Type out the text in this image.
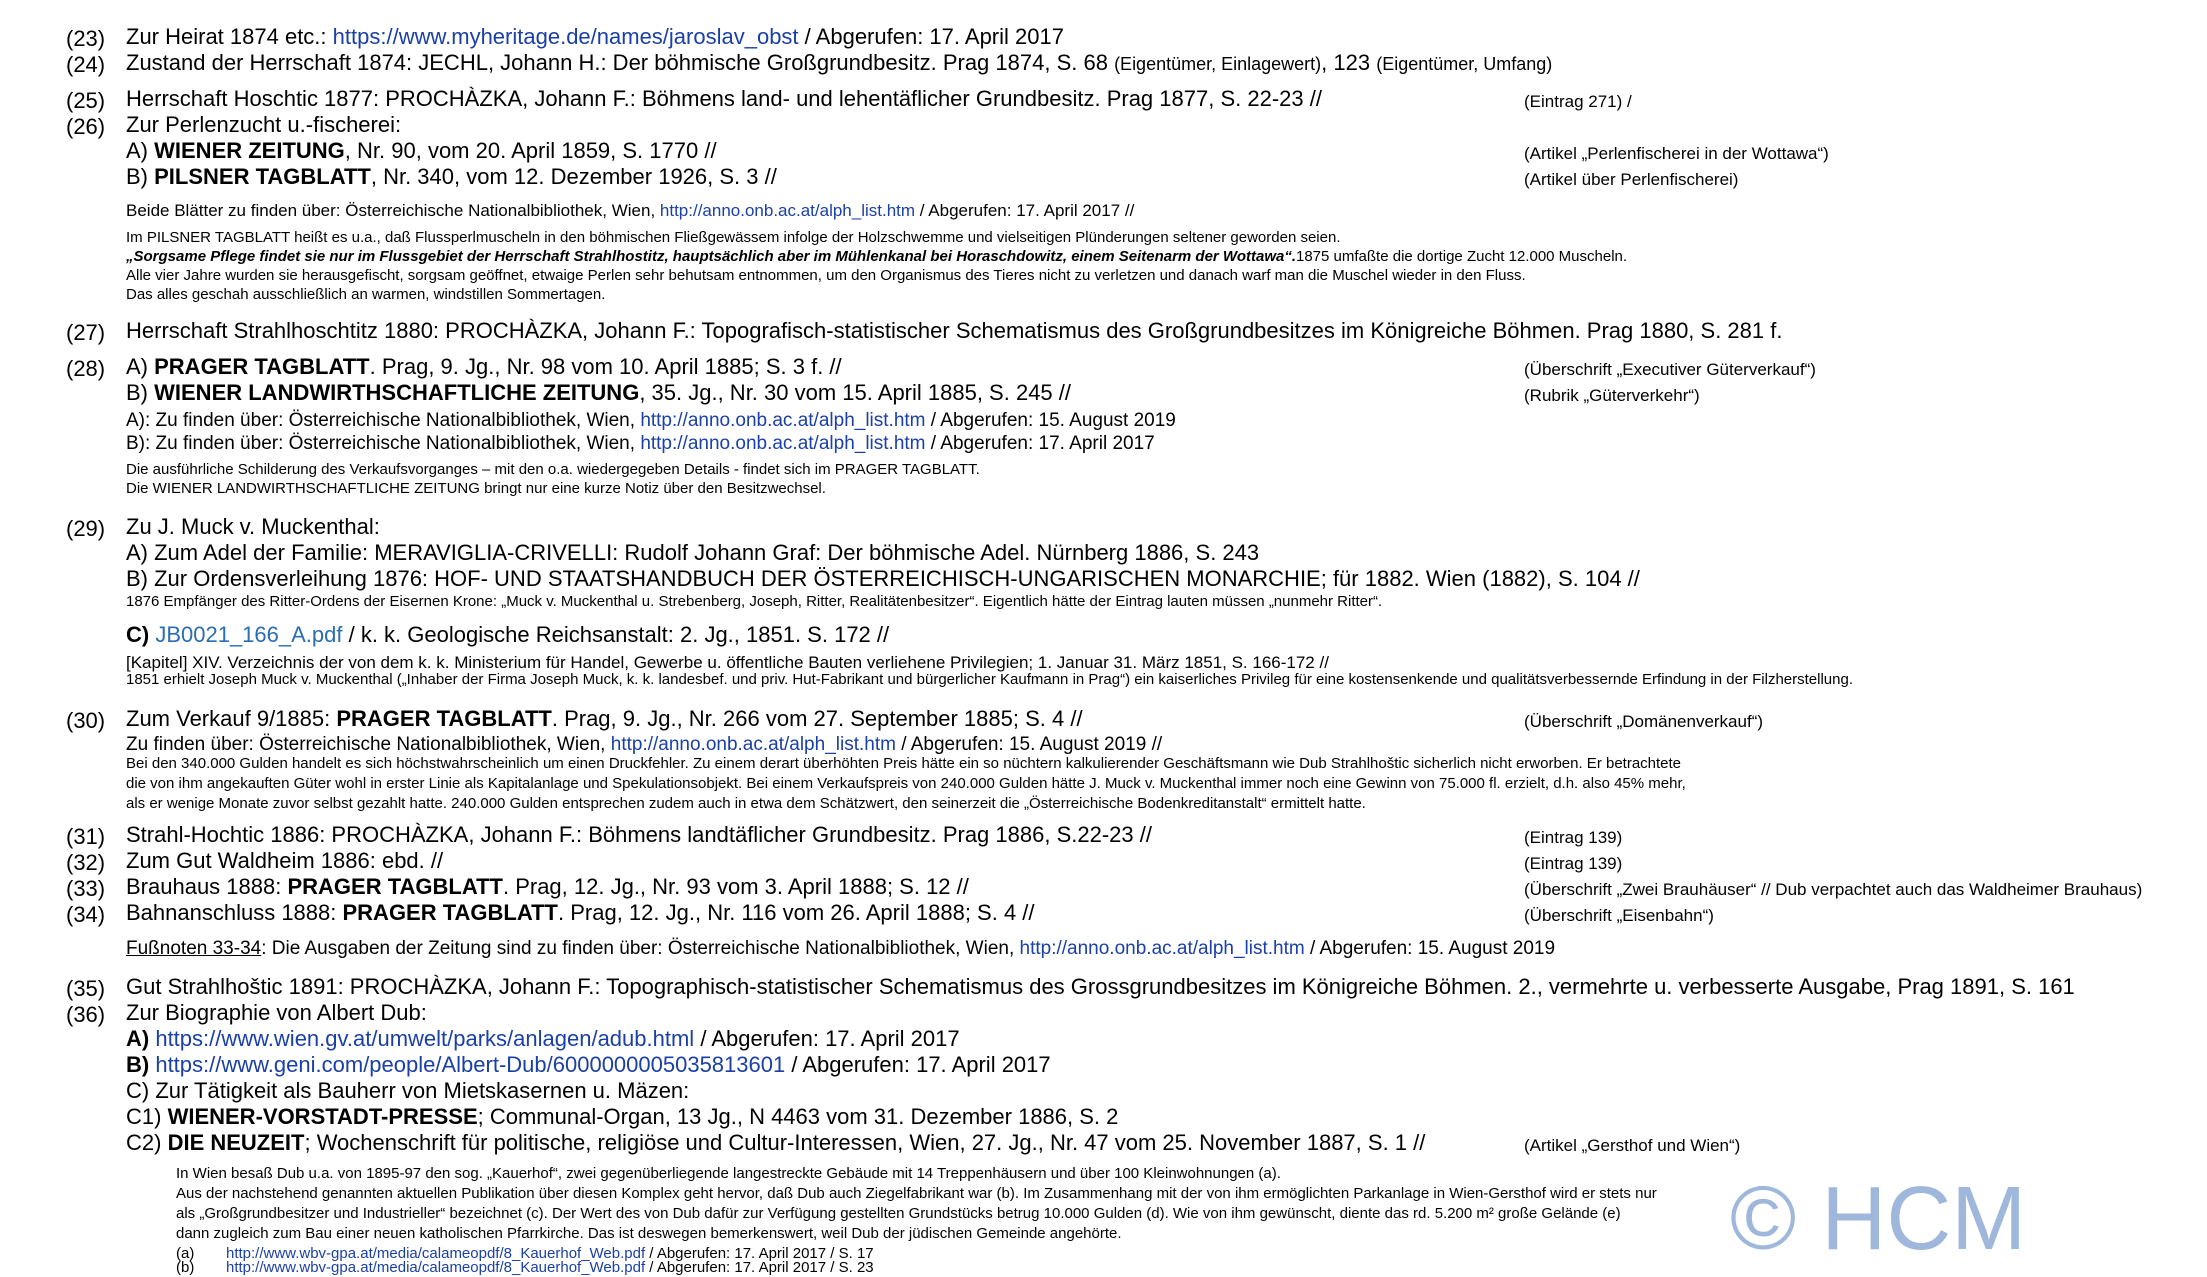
(23) Zur Heirat 1874 etc.: https://www.myheritage.de/names/jaroslav_obst / Abgerufen: 17. April 2017
(24) Zustand der Herrschaft 1874: JECHL, Johann H.: Der böhmische Großgrundbesitz. Prag 1874, S. 68 (Eigentümer, Einlagewert), 123 (Eigentümer, Umfang)
(25) Herrschaft Hoschtic 1877: PROCHÀZKA, Johann F.: Böhmens land- und lehentäflicher Grundbesitz. Prag 1877, S. 22-23 //	(Eintrag 271) /
(26) Zur Perlenzucht u.-fischerei:
A) WIENER ZEITUNG, Nr. 90, vom 20. April 1859, S. 1770 //	(Artikel „Perlenfischerei in der Wottawa“)
B) PILSNER TAGBLATT, Nr. 340, vom 12. Dezember 1926, S. 3 //	(Artikel über Perlenfischerei)
Beide Blätter zu finden über: Österreichische Nationalbibliothek, Wien, http://anno.onb.ac.at/alph_list.htm / Abgerufen: 17. April 2017 //
Im PILSNER TAGBLATT heißt es u.a., daß Flussperlmuscheln in den böhmischen Fließgewässem infolge der Holzschwemme und vielseitigen Plünderungen seltener geworden seien.
„Sorgsame Pflege findet sie nur im Flussgebiet der Herrschaft Strahlhostitz, hauptsächlich aber im Mühlenkanal bei Horaschdowitz, einem Seitenarm der Wottawa“.1875 umfaßte die dortige Zucht 12.000 Muscheln.
Alle vier Jahre wurden sie herausgefischt, sorgsam geöffnet, etwaige Perlen sehr behutsam entnommen, um den Organismus des Tieres nicht zu verletzen und danach warf man die Muschel wieder in den Fluss.
Das alles geschah ausschließlich an warmen, windstillen Sommertagen.
(27) Herrschaft Strahlhoschtitz 1880: PROCHÀZKA, Johann F.: Topografisch-statistischer Schematismus des Großgrundbesitzes im Königreiche Böhmen. Prag 1880, S. 281 f.
(28) A) PRAGER TAGBLATT. Prag, 9. Jg., Nr. 98 vom 10. April 1885; S. 3 f. //	(Überschrift „Executiver Güterverkauf“)
B) WIENER LANDWIRTHSCHAFTLICHE ZEITUNG, 35. Jg., Nr. 30 vom 15. April 1885, S. 245 //	(Rubrik „Güterverkehr“)
A): Zu finden über: Österreichische Nationalbibliothek, Wien, http://anno.onb.ac.at/alph_list.htm / Abgerufen: 15. August 2019
B): Zu finden über: Österreichische Nationalbibliothek, Wien, http://anno.onb.ac.at/alph_list.htm / Abgerufen: 17. April 2017
Die ausführliche Schilderung des Verkaufsvorganges – mit den o.a. wiedergegeben Details - findet sich im PRAGER TAGBLATT.
Die WIENER LANDWIRTHSCHAFTLICHE ZEITUNG bringt nur eine kurze Notiz über den Besitzwechsel.
(29) Zu J. Muck v. Muckenthal:
A) Zum Adel der Familie: MERAVIGLIA-CRIVELLI: Rudolf Johann Graf: Der böhmische Adel. Nürnberg 1886, S. 243
B) Zur Ordensverleihung 1876: HOF- UND STAATSHANDBUCH DER ÖSTERREICHISCH-UNGARISCHEN MONARCHIE; für 1882. Wien (1882), S. 104 //
1876 Empfänger des Ritter-Ordens der Eisernen Krone: „Muck v. Muckenthal u. Strebenberg, Joseph, Ritter, Realitätenbesitzer“. Eigentlich hätte der Eintrag lauten müssen „nunmehr Ritter“.
C) JB0021_166_A.pdf / k. k. Geologische Reichsanstalt: 2. Jg., 1851. S. 172 //
[Kapitel] XIV. Verzeichnis der von dem k. k. Ministerium für Handel, Gewerbe u. öffentliche Bauten verliehene Privilegien; 1. Januar 31. März 1851, S. 166-172 //
1851 erhielt Joseph Muck v. Muckenthal („Inhaber der Firma Joseph Muck, k. k. landesbef. und priv. Hut-Fabrikant und bürgerlicher Kaufmann in Prag“) ein kaiserliches Privileg für eine kostensenkende und qualitätsverbessernde Erfindung in der Filzherstellung.
(30) Zum Verkauf 9/1885: PRAGER TAGBLATT. Prag, 9. Jg., Nr. 266 vom 27. September 1885; S. 4 //	(Überschrift „Domänenverkauf“)
Zu finden über: Österreichische Nationalbibliothek, Wien, http://anno.onb.ac.at/alph_list.htm / Abgerufen: 15. August 2019 //
Bei den 340.000 Gulden handelt es sich höchstwahrscheinlich um einen Druckfehler. Zu einem derart überhöhten Preis hätte ein so nüchtern kalkulierender Geschäftsmann wie Dub Strahlhoštic sicherlich nicht erworben. Er betrachtete
die von ihm angekauften Güter wohl in erster Linie als Kapitalanlage und Spekulationsobjekt. Bei einem Verkaufspreis von 240.000 Gulden hätte J. Muck v. Muckenthal immer noch eine Gewinn von 75.000 fl. erzielt, d.h. also 45% mehr,
als er wenige Monate zuvor selbst gezahlt hatte. 240.000 Gulden entsprechen zudem auch in etwa dem Schätzwert, den seinerzeit die „Österreichische Bodenkreditanstalt“ ermittelt hatte.
(31) Strahl-Hochtic 1886: PROCHÀZKA, Johann F.: Böhmens landtäflicher Grundbesitz. Prag 1886, S.22-23 //	(Eintrag 139)
(32) Zum Gut Waldheim 1886: ebd. //	(Eintrag 139)
(33) Brauhaus 1888: PRAGER TAGBLATT. Prag, 12. Jg., Nr. 93 vom 3. April 1888; S. 12 //	(Überschrift „Zwei Brauhäuser“ // Dub verpachtet auch das Waldheimer Brauhaus)
(34) Bahnanschluss 1888: PRAGER TAGBLATT. Prag, 12. Jg., Nr. 116 vom 26. April 1888; S. 4 //	(Überschrift „Eisenbahn“)
Fußnoten 33-34: Die Ausgaben der Zeitung sind zu finden über: Österreichische Nationalbibliothek, Wien, http://anno.onb.ac.at/alph_list.htm / Abgerufen: 15. August 2019
(35) Gut Strahlhoštic 1891: PROCHÀZKA, Johann F.: Topographisch-statistischer Schematismus des Grossgrundbesitzes im Königreiche Böhmen. 2., vermehrte u. verbesserte Ausgabe, Prag 1891, S. 161
(36) Zur Biographie von Albert Dub:
A) https://www.wien.gv.at/umwelt/parks/anlagen/adub.html / Abgerufen: 17. April 2017
B) https://www.geni.com/people/Albert-Dub/6000000005035813601 / Abgerufen: 17. April 2017
C) Zur Tätigkeit als Bauherr von Mietskasernen u. Mäzen:
C1) WIENER-VORSTADT-PRESSE; Communal-Organ, 13 Jg., N 4463 vom 31. Dezember 1886, S. 2
C2) DIE NEUZEIT; Wochenschrift für politische, religiöse und Cultur-Interessen, Wien, 27. Jg., Nr. 47 vom 25. November 1887, S. 1 //	(Artikel „Gersthof und Wien“)
In Wien besaß Dub u.a. von 1895-97 den sog. „Kauerhof“, zwei gegenüberliegende langestreckte Gebäude mit 14 Treppenhäusern und über 100 Kleinwohnungen (a).
Aus der nachstehend genannten aktuellen Publikation über diesen Komplex geht hervor, daß Dub auch Ziegelfabrikant war (b). Im Zusammenhang mit der von ihm ermöglichten Parkanlage in Wien-Gersthof wird er stets nur
als „Großgrundbesitzer und Industrieller“ bezeichnet (c). Der Wert des von Dub dafür zur Verfügung gestellten Grundstücks betrug 10.000 Gulden (d). Wie von ihm gewünscht, diente das rd. 5.200 m² große Gelände (e)
dann zugleich zum Bau einer neuen katholischen Pfarrkirche. Das ist deswegen bemerkenswert, weil Dub der jüdischen Gemeinde angehörte.
(a) http://www.wbv-gpa.at/media/calameopdf/8_Kauerhof_Web.pdf / Abgerufen: 17. April 2017 / S. 17
(b) http://www.wbv-gpa.at/media/calameopdf/8_Kauerhof_Web.pdf / Abgerufen: 17. April 2017 / S. 23	© HCM
